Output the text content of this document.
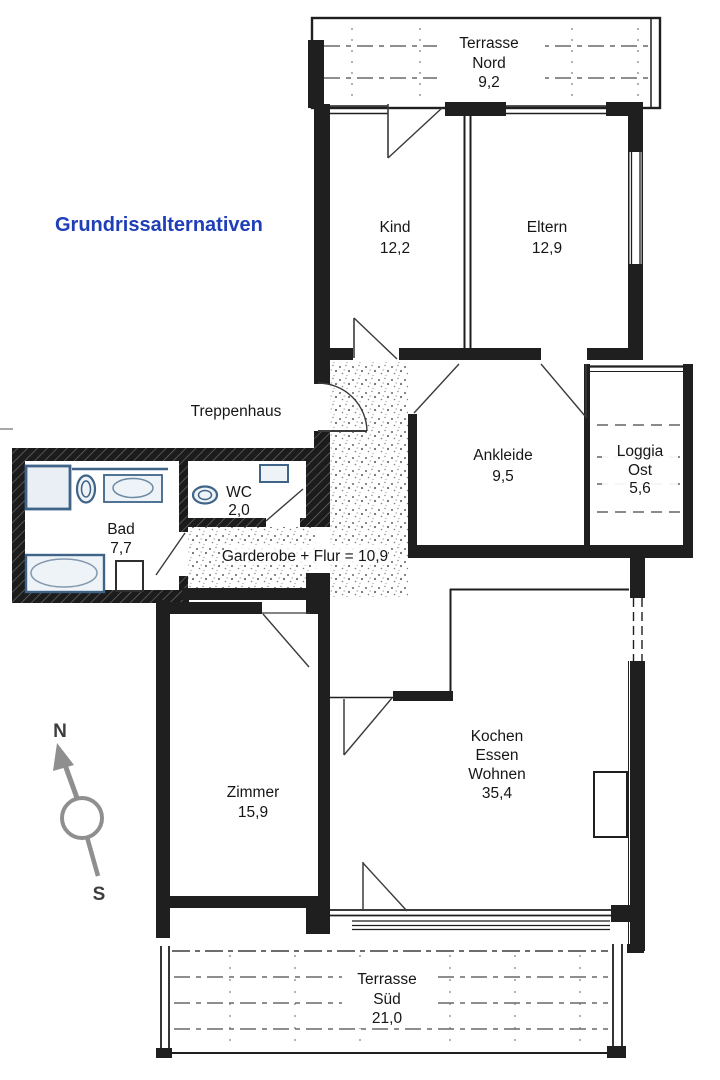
Terrasse
Nord
9,2
Loggia
Ost
5,6
Terrasse
Süd
21,0
Kind
12,2
Eltern
12,9
Treppenhaus
Ankleide
9,5
WC
2,0
Bad
7,7	Garderobe + Flur = 10,9
Zimmer
15,9
Kochen
Essen
Wohnen
35,4
Grundrissalternativen
N
S
